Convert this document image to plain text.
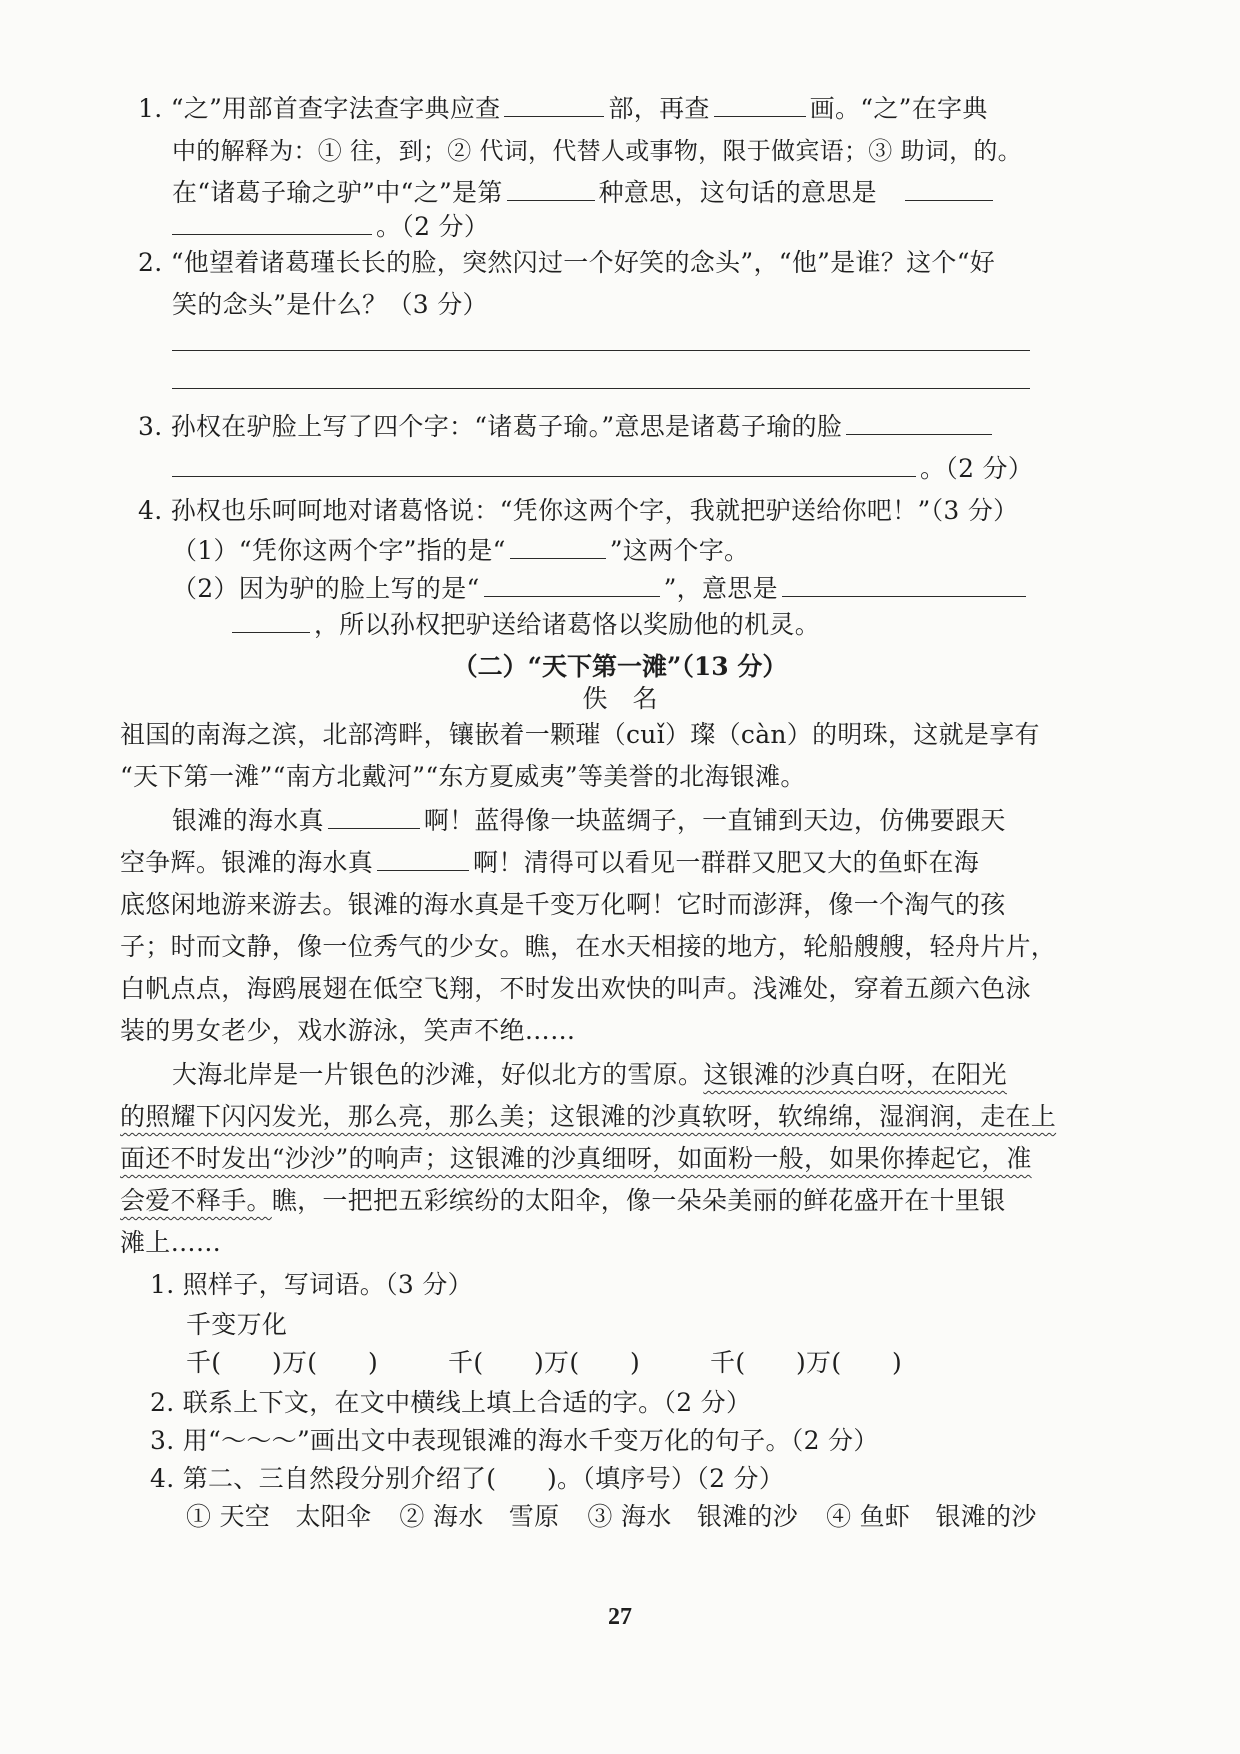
1. “之”用部首查字法查字典应查	部，再查	画。“之”在字典
中的解释为：① 往，到；② 代词，代替人或事物，限于做宾语；③ 助词，的。
在“诸葛子瑜之驴”中“之”是第	种意思，这句话的意思是
。（2 分）
2. “他望着诸葛瑾长长的脸，突然闪过一个好笑的念头”，“他”是谁？这个“好
笑的念头”是什么？（3 分）
3. 孙权在驴脸上写了四个字：“诸葛子瑜。”意思是诸葛子瑜的脸
。（2 分）
4. 孙权也乐呵呵地对诸葛恪说：“凭你这两个字，我就把驴送给你吧！”（3 分）
（1）“凭你这两个字”指的是“	”这两个字。
（2）因为驴的脸上写的是“	”，意思是
，所以孙权把驴送给诸葛恪以奖励他的机灵。
（二）“天下第一滩”（13 分）
佚　名
祖国的南海之滨，北部湾畔，镶嵌着一颗璀（cuǐ）璨（càn）的明珠，这就是享有
“天下第一滩”“南方北戴河”“东方夏威夷”等美誉的北海银滩。
银滩的海水真	啊！蓝得像一块蓝绸子，一直铺到天边，仿佛要跟天
空争辉。银滩的海水真	啊！清得可以看见一群群又肥又大的鱼虾在海
底悠闲地游来游去。银滩的海水真是千变万化啊！它时而澎湃，像一个淘气的孩
子；时而文静，像一位秀气的少女。瞧，在水天相接的地方，轮船艘艘，轻舟片片，
白帆点点，海鸥展翅在低空飞翔，不时发出欢快的叫声。浅滩处，穿着五颜六色泳
装的男女老少，戏水游泳，笑声不绝……
大海北岸是一片银色的沙滩，好似北方的雪原。这银滩的沙真白呀，在阳光
的照耀下闪闪发光，那么亮，那么美；这银滩的沙真软呀，软绵绵，湿润润，走在上
面还不时发出“沙沙”的响声；这银滩的沙真细呀，如面粉一般，如果你捧起它，准
会爱不释手。瞧，一把把五彩缤纷的太阳伞，像一朵朵美丽的鲜花盛开在十里银
滩上……
1. 照样子，写词语。（3 分）
千变万化
千(　　)万(　　)	千(　　)万(　　)	千(　　)万(　　)
2. 联系上下文，在文中横线上填上合适的字。（2 分）
3. 用“～～～”画出文中表现银滩的海水千变万化的句子。（2 分）
4. 第二、三自然段分别介绍了(　　)。（填序号）（2 分）
① 天空　太阳伞 ② 海水　雪原 ③ 海水　银滩的沙 ④ 鱼虾　银滩的沙
27
